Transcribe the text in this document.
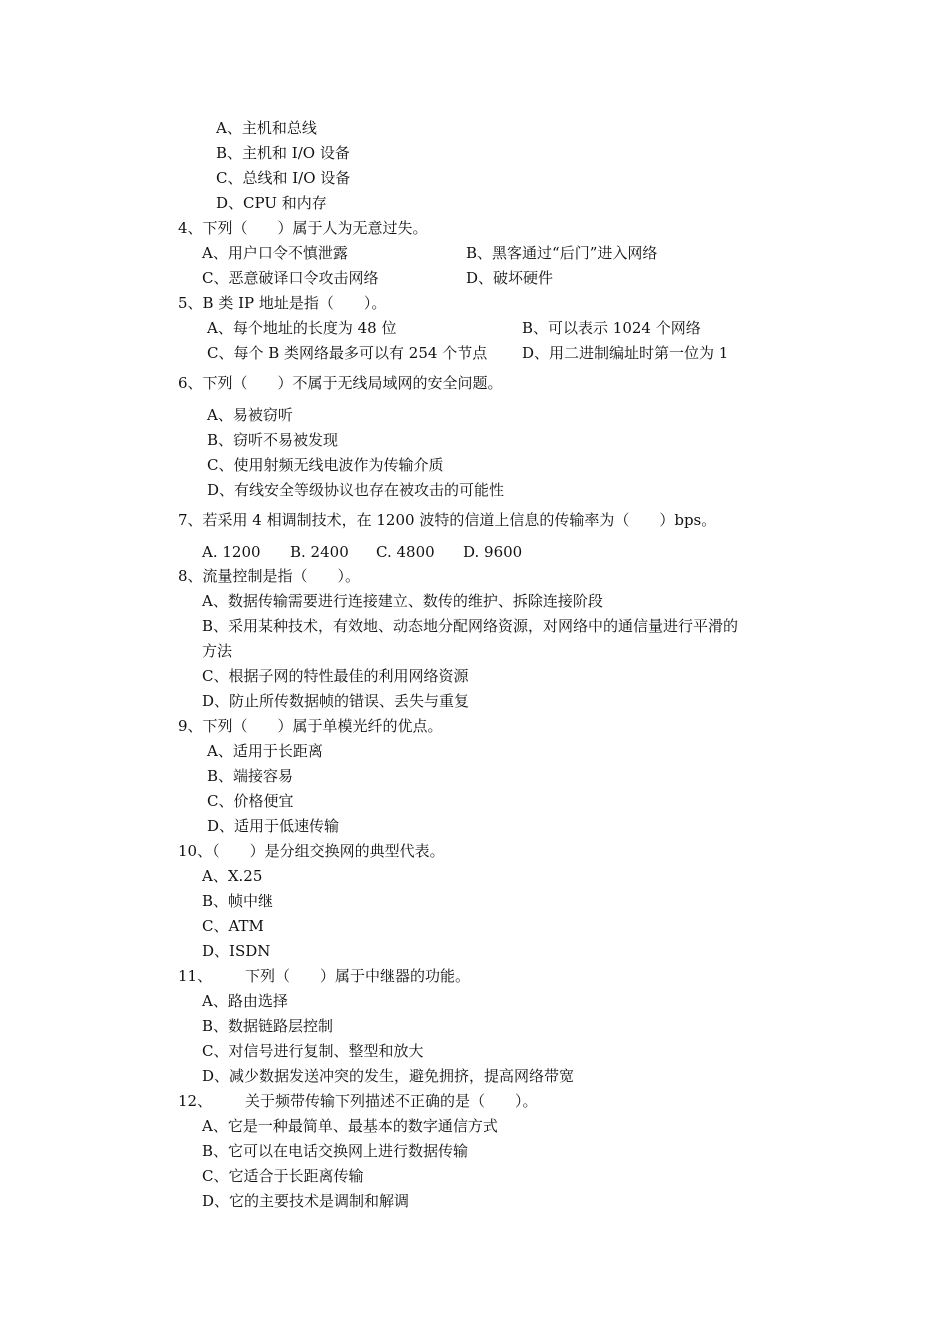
A、主机和总线
B、主机和 I/O 设备
C、总线和 I/O 设备
D、CPU 和内存
4、下列（　　）属于人为无意过失。
A、用户口令不慎泄露	B、黑客通过“后门”进入网络
C、恶意破译口令攻击网络	D、破坏硬件
5、B 类 IP 地址是指（　　）。
A、每个地址的长度为 48 位	B、可以表示 1024 个网络
C、每个 B 类网络最多可以有 254 个节点 D、用二进制编址时第一位为 1
6、下列（　　）不属于无线局域网的安全问题。
A、易被窃听
B、窃听不易被发现
C、使用射频无线电波作为传输介质
D、有线安全等级协议也存在被攻击的可能性
7、若采用 4 相调制技术，在 1200 波特的信道上信息的传输率为（　　）bps。
A. 1200 B. 2400 C. 4800 D. 9600
8、流量控制是指（　　）。
A、数据传输需要进行连接建立、数传的维护、拆除连接阶段
B、采用某种技术，有效地、动态地分配网络资源，对网络中的通信量进行平滑的
方法
C、根据子网的特性最佳的利用网络资源
D、防止所传数据帧的错误、丢失与重复
9、下列（　　）属于单模光纤的优点。
A、适用于长距离
B、端接容易
C、价格便宜
D、适用于低速传输
10、（　　）是分组交换网的典型代表。
A、X.25
B、帧中继
C、ATM
D、ISDN
11、 下列（　　）属于中继器的功能。
A、路由选择
B、数据链路层控制
C、对信号进行复制、整型和放大
D、减少数据发送冲突的发生，避免拥挤，提高网络带宽
12、 关于频带传输下列描述不正确的是（　　）。
A、它是一种最简单、最基本的数字通信方式
B、它可以在电话交换网上进行数据传输
C、它适合于长距离传输
D、它的主要技术是调制和解调
